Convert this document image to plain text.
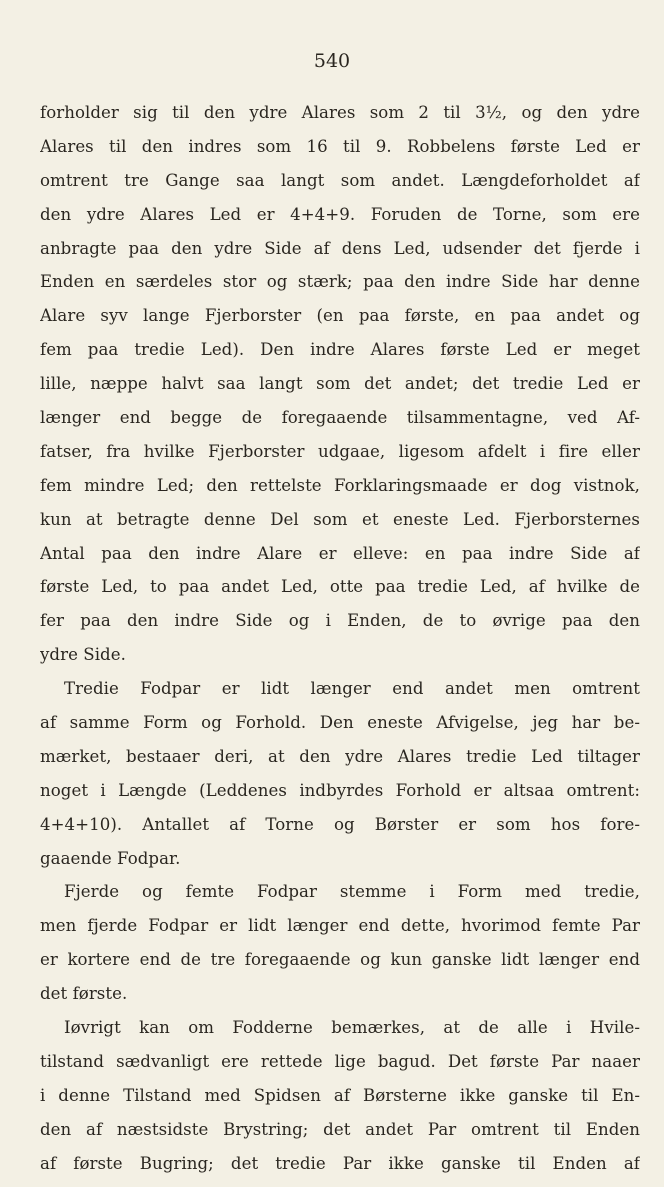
540
forholder sig til den ydre Alares som 2 til 3½, og den ydre
Alares til den indres som 16 til 9. Robbelens første Led er
omtrent tre Gange saa langt som andet. Længdeforholdet af
den ydre Alares Led er 4+4+9. Foruden de Torne, som ere
anbragte paa den ydre Side af dens Led, udsender det fjerde i
Enden en særdeles stor og stærk; paa den indre Side har denne
Alare syv lange Fjerborster (en paa første, en paa andet og
fem paa tredie Led). Den indre Alares første Led er meget
lille, næppe halvt saa langt som det andet; det tredie Led er
længer end begge de foregaaende tilsammentagne, ved Af-
fatser, fra hvilke Fjerborster udgaae, ligesom afdelt i fire eller
fem mindre Led; den rettelste Forklaringsmaade er dog vistnok,
kun at betragte denne Del som et eneste Led. Fjerborsternes
Antal paa den indre Alare er elleve: en paa indre Side af
første Led, to paa andet Led, otte paa tredie Led, af hvilke de
fer paa den indre Side og i Enden, de to øvrige paa den
ydre Side.
Tredie Fodpar er lidt længer end andet men omtrent
af samme Form og Forhold. Den eneste Afvigelse, jeg har be-
mærket, bestaaer deri, at den ydre Alares tredie Led tiltager
noget i Længde (Leddenes indbyrdes Forhold er altsaa omtrent:
4+4+10). Antallet af Torne og Børster er som hos fore-
gaaende Fodpar.
Fjerde og femte Fodpar stemme i Form med tredie,
men fjerde Fodpar er lidt længer end dette, hvorimod femte Par
er kortere end de tre foregaaende og kun ganske lidt længer end
det første.
Iøvrigt kan om Fodderne bemærkes, at de alle i Hvile-
tilstand sædvanligt ere rettede lige bagud. Det første Par naaer
i denne Tilstand med Spidsen af Børsterne ikke ganske til En-
den af næstsidste Brystring; det andet Par omtrent til Enden
af første Bugring; det tredie Par ikke ganske til Enden af
